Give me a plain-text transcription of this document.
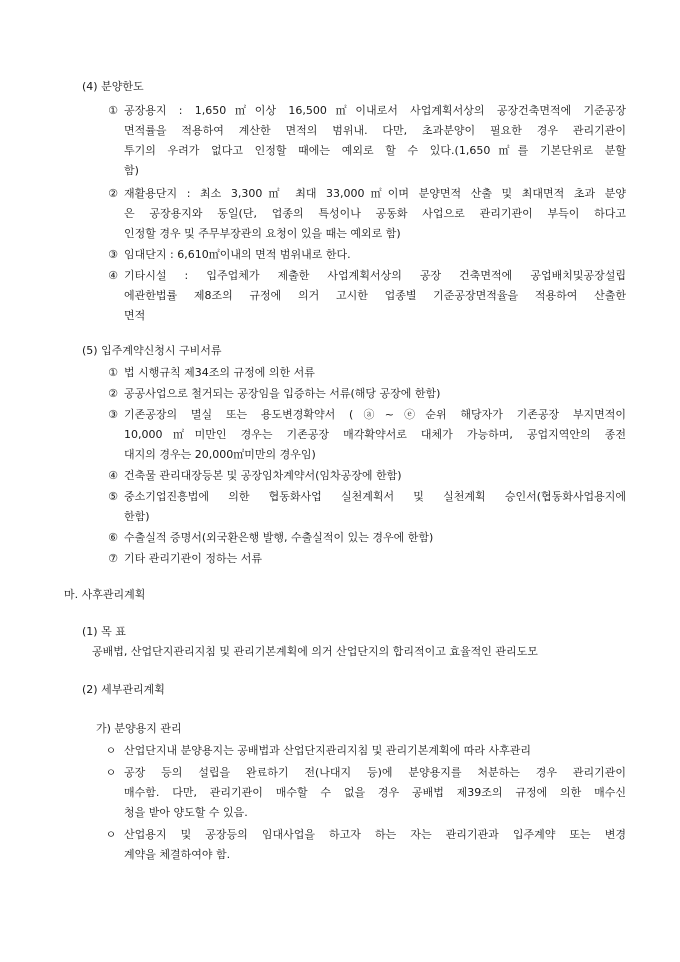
(4) 분양한도
① 공장용지 : 1,650㎡이상 16,500㎡이내로서 사업계획서상의 공장건축면적에 기준공장
면적률을 적용하여 계산한 면적의 범위내. 다만, 초과분양이 필요한 경우 관리기관이
투기의 우려가 없다고 인정할 때에는 예외로 할 수 있다.(1,650㎡를 기본단위로 분할
함)
② 재활용단지 : 최소 3,300㎡ 최대 33,000㎡이며 분양면적 산출 및 최대면적 초과 분양
은 공장용지와 동일(단, 업종의 특성이나 공동화 사업으로 관리기관이 부득이 하다고
인정할 경우 및 주무부장관의 요청이 있을 때는 예외로 함)
③ 임대단지 : 6,610㎡이내의 면적 범위내로 한다.
④ 기타시설 : 입주업체가 제출한 사업계획서상의 공장 건축면적에 공업배치및공장설립
에관한법률 제8조의 규정에 의거 고시한 업종별 기준공장면적율을 적용하여 산출한
면적
(5) 입주계약신청시 구비서류
① 법 시행규칙 제34조의 규정에 의한 서류
② 공공사업으로 철거되는 공장임을 입증하는 서류(해당 공장에 한함)
③ 기존공장의 멸실 또는 용도변경확약서 (ⓐ~ⓔ순위 해당자가 기존공장 부지면적이
10,000㎡미만인 경우는 기존공장 매각확약서로 대체가 가능하며, 공업지역안의 종전
대지의 경우는 20,000㎡미만의 경우임)
④ 건축물 관리대장등본 및 공장임차계약서(임차공장에 한함)
⑤ 중소기업진흥법에 의한 협동화사업 실천계획서 및 실천계획 승인서(협동화사업용지에
한함)
⑥ 수출실적 증명서(외국환은행 발행, 수출실적이 있는 경우에 한함)
⑦ 기타 관리기관이 정하는 서류
마. 사후관리계획
(1) 목 표
공배법, 산업단지관리지침 및 관리기본계획에 의거 산업단지의 합리적이고 효율적인 관리도모
(2) 세부관리계획
가) 분양용지 관리
ㅇ 산업단지내 분양용지는 공배법과 산업단지관리지침 및 관리기본계획에 따라 사후관리
ㅇ 공장 등의 설립을 완료하기 전(나대지 등)에 분양용지를 처분하는 경우 관리기관이
매수함. 다만, 관리기관이 매수할 수 없을 경우 공배법 제39조의 규정에 의한 매수신
청을 받아 양도할 수 있음.
ㅇ 산업용지 및 공장등의 임대사업을 하고자 하는 자는 관리기관과 입주계약 또는 변경
계약을 체결하여야 함.
